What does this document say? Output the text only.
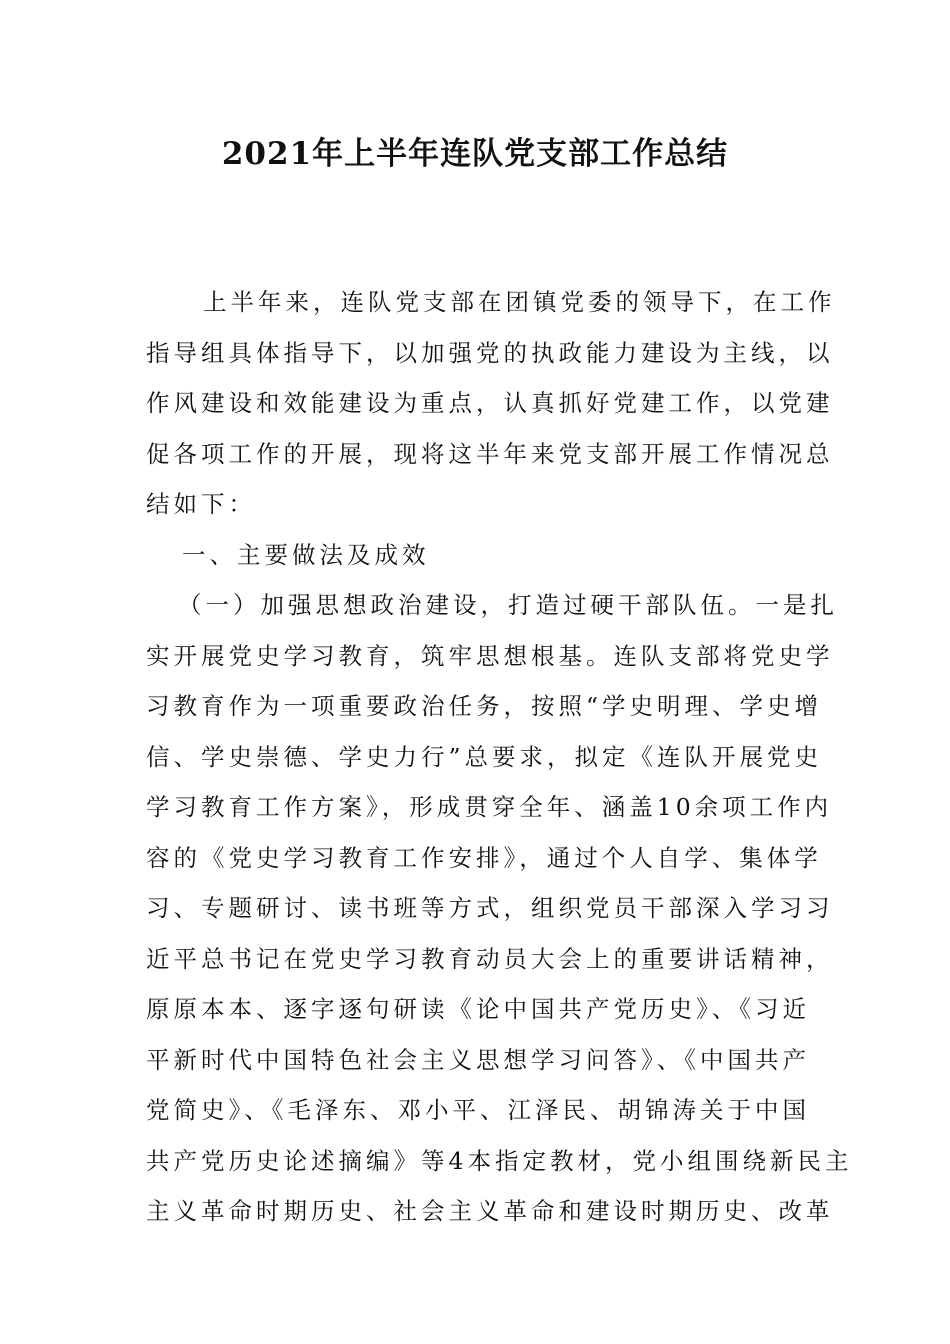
2021年上半年连队党支部工作总结
上半年来，连队党支部在团镇党委的领导下，在工作
指导组具体指导下，以加强党的执政能力建设为主线，以
作风建设和效能建设为重点，认真抓好党建工作，以党建
促各项工作的开展，现将这半年来党支部开展工作情况总
结如下：
一、主要做法及成效
（一）加强思想政治建设，打造过硬干部队伍。一是扎
实开展党史学习教育，筑牢思想根基。连队支部将党史学
习教育作为一项重要政治任务，按照“学史明理、学史增
信、学史崇德、学史力行”总要求，拟定《连队开展党史
学习教育工作方案》，形成贯穿全年、涵盖10余项工作内
容的《党史学习教育工作安排》，通过个人自学、集体学
习、专题研讨、读书班等方式，组织党员干部深入学习习
近平总书记在党史学习教育动员大会上的重要讲话精神，
原原本本、逐字逐句研读《论中国共产党历史》、《习近
平新时代中国特色社会主义思想学习问答》、《中国共产
党简史》、《毛泽东、邓小平、江泽民、胡锦涛关于中国
共产党历史论述摘编》等4本指定教材，党小组围绕新民主
主义革命时期历史、社会主义革命和建设时期历史、改革
